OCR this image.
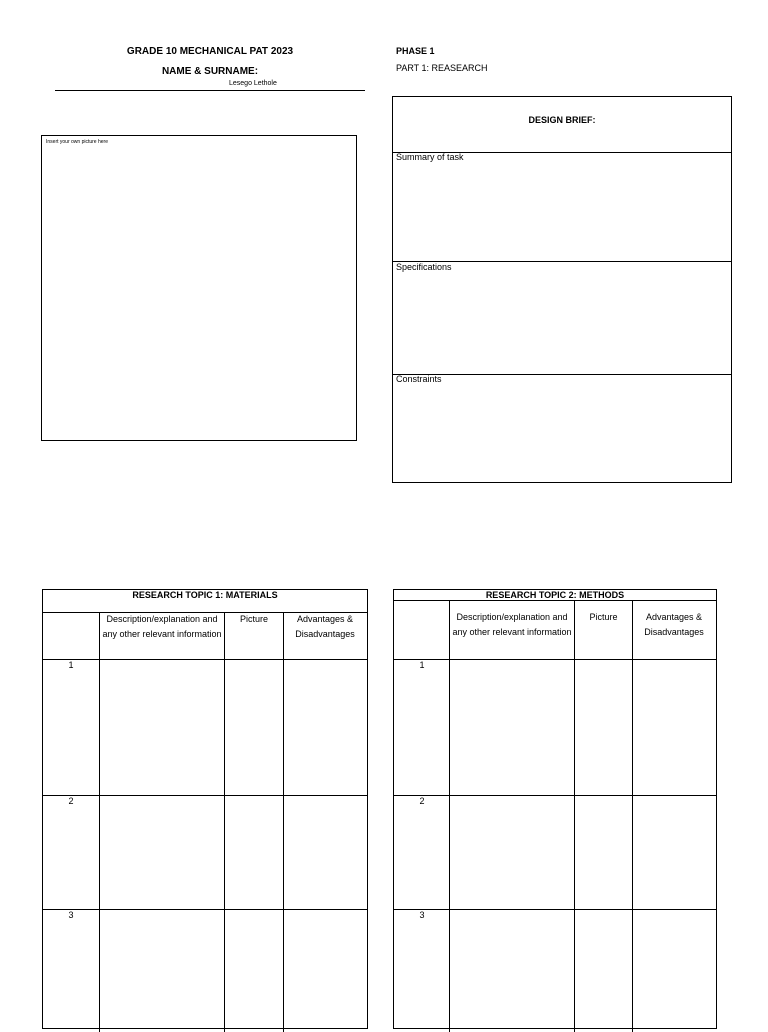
GRADE 10 MECHANICAL PAT 2023
NAME & SURNAME:
Lesego Lethole
PHASE 1
PART 1: REASEARCH
Insert your own picture here
DESIGN BRIEF:
Summary of task
Specifications
Constraints
RESEARCH TOPIC 1: MATERIALS
Description/explanation and any other relevant information
Picture	Advantages & Disadvantages
1
2
3
RESEARCH TOPIC 2: METHODS
Description/explanation and any other relevant information
Picture	Advantages & Disadvantages
1
2
3
